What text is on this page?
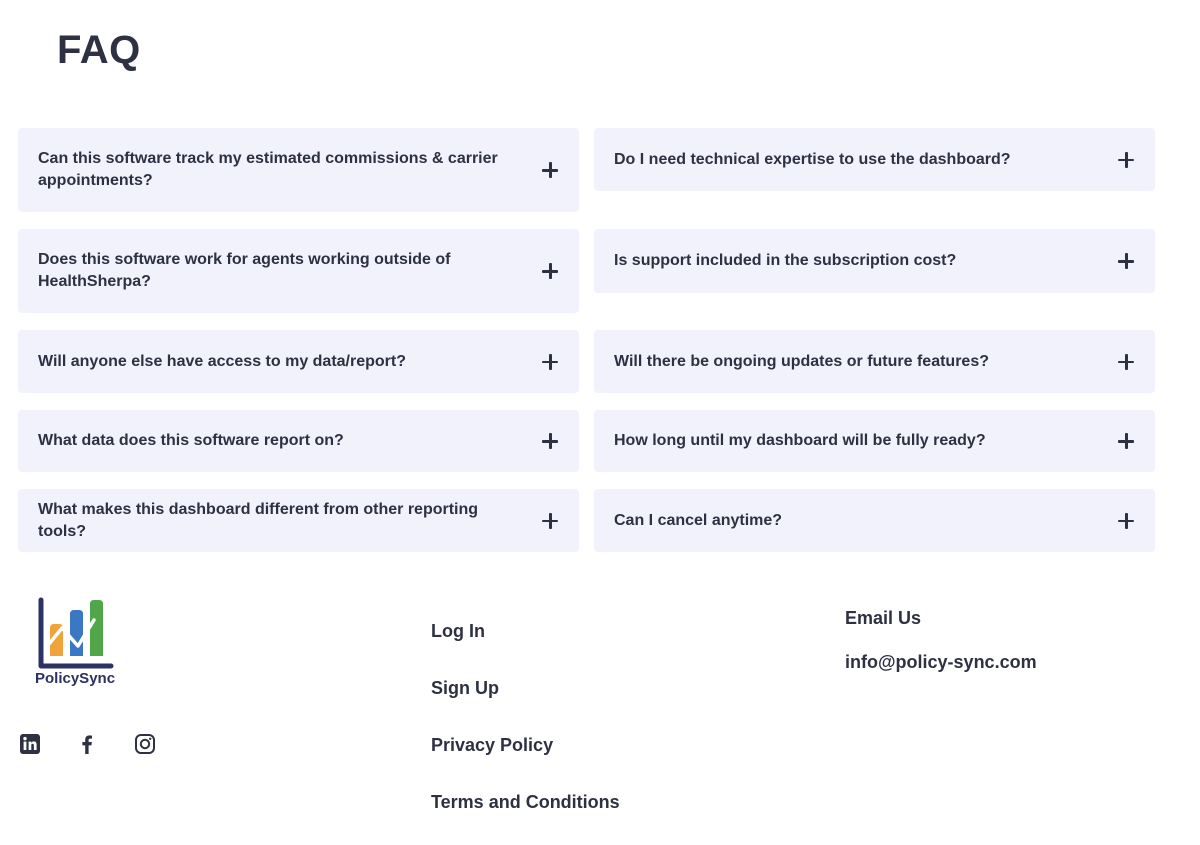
FAQ
Can this software track my estimated commissions & carrier appointments?
Does this software work for agents working outside of HealthSherpa?
Will anyone else have access to my data/report?
What data does this software report on?
What makes this dashboard different from other reporting tools?
Do I need technical expertise to use the dashboard?
Is support included in the subscription cost?
Will there be ongoing updates or future features?
How long until my dashboard will be fully ready?
Can I cancel anytime?
PolicySync
Log In
Sign Up
Privacy Policy
Terms and Conditions
Email Us
info@policy-sync.com
